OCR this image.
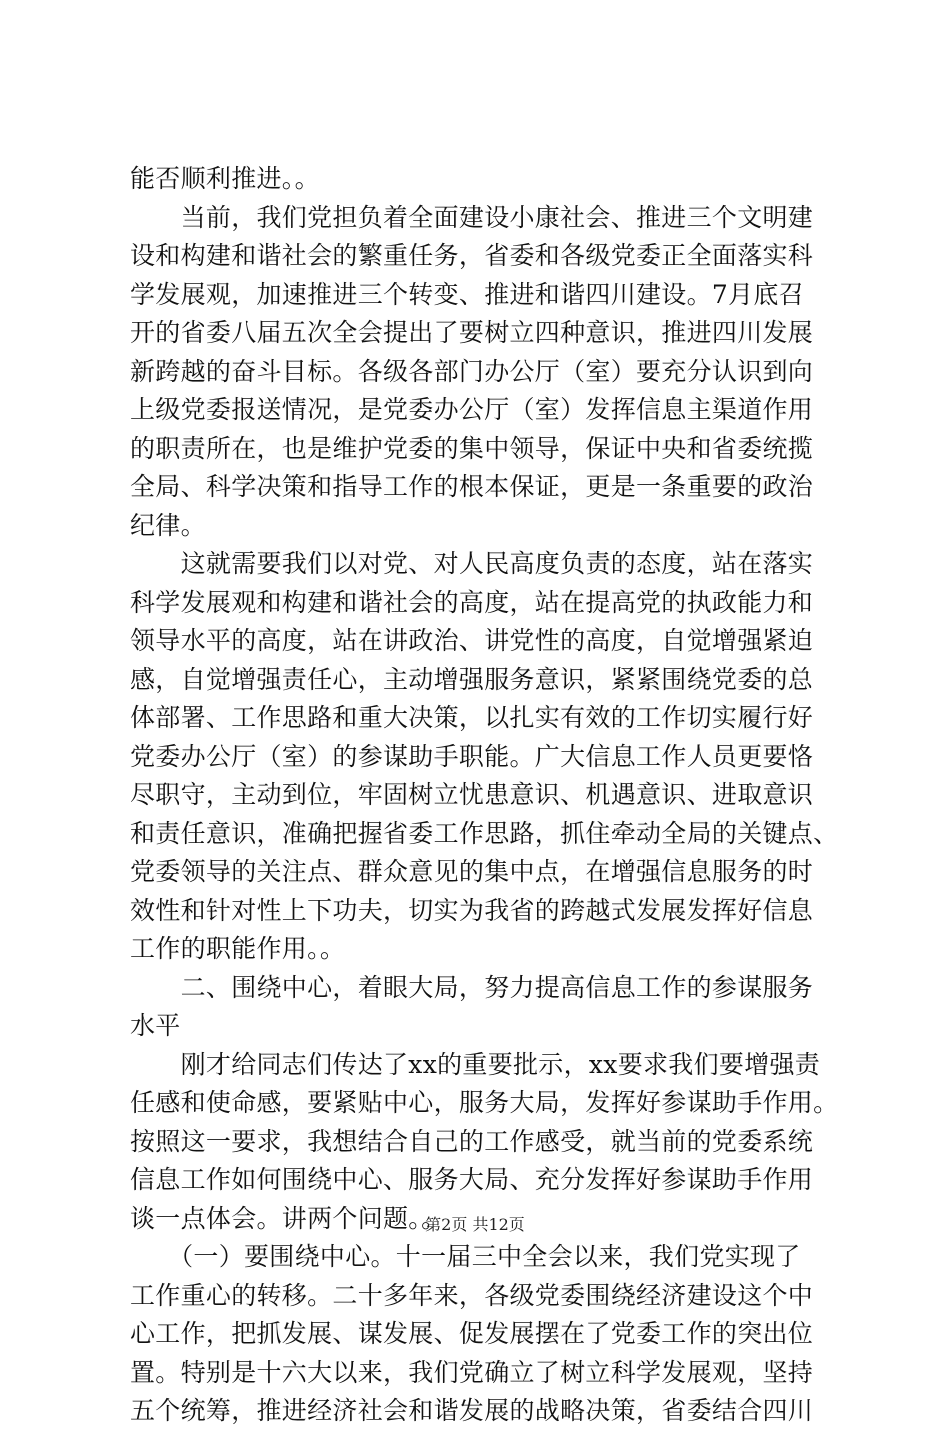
能否顺利推进。。
　　当前，我们党担负着全面建设小康社会、推进三个文明建
设和构建和谐社会的繁重任务，省委和各级党委正全面落实科
学发展观，加速推进三个转变、推进和谐四川建设。7月底召
开的省委八届五次全会提出了要树立四种意识，推进四川发展
新跨越的奋斗目标。各级各部门办公厅（室）要充分认识到向
上级党委报送情况，是党委办公厅（室）发挥信息主渠道作用
的职责所在，也是维护党委的集中领导，保证中央和省委统揽
全局、科学决策和指导工作的根本保证，更是一条重要的政治
纪律。
　　这就需要我们以对党、对人民高度负责的态度，站在落实
科学发展观和构建和谐社会的高度，站在提高党的执政能力和
领导水平的高度，站在讲政治、讲党性的高度，自觉增强紧迫
感，自觉增强责任心，主动增强服务意识，紧紧围绕党委的总
体部署、工作思路和重大决策，以扎实有效的工作切实履行好
党委办公厅（室）的参谋助手职能。广大信息工作人员更要恪
尽职守，主动到位，牢固树立忧患意识、机遇意识、进取意识
和责任意识，准确把握省委工作思路，抓住牵动全局的关键点、
党委领导的关注点、群众意见的集中点，在增强信息服务的时
效性和针对性上下功夫，切实为我省的跨越式发展发挥好信息
工作的职能作用。。
　　二、围绕中心，着眼大局，努力提高信息工作的参谋服务
水平
　　刚才给同志们传达了xx的重要批示，xx要求我们要增强责
任感和使命感，要紧贴中心，服务大局，发挥好参谋助手作用。
按照这一要求，我想结合自己的工作感受，就当前的党委系统
信息工作如何围绕中心、服务大局、充分发挥好参谋助手作用
谈一点体会。讲两个问题。。
　　（一）要围绕中心。十一届三中全会以来，我们党实现了
工作重心的转移。二十多年来，各级党委围绕经济建设这个中
心工作，把抓发展、谋发展、促发展摆在了党委工作的突出位
置。特别是十六大以来，我们党确立了树立科学发展观，坚持
五个统筹，推进经济社会和谐发展的战略决策，省委结合四川
第2页 共12页
